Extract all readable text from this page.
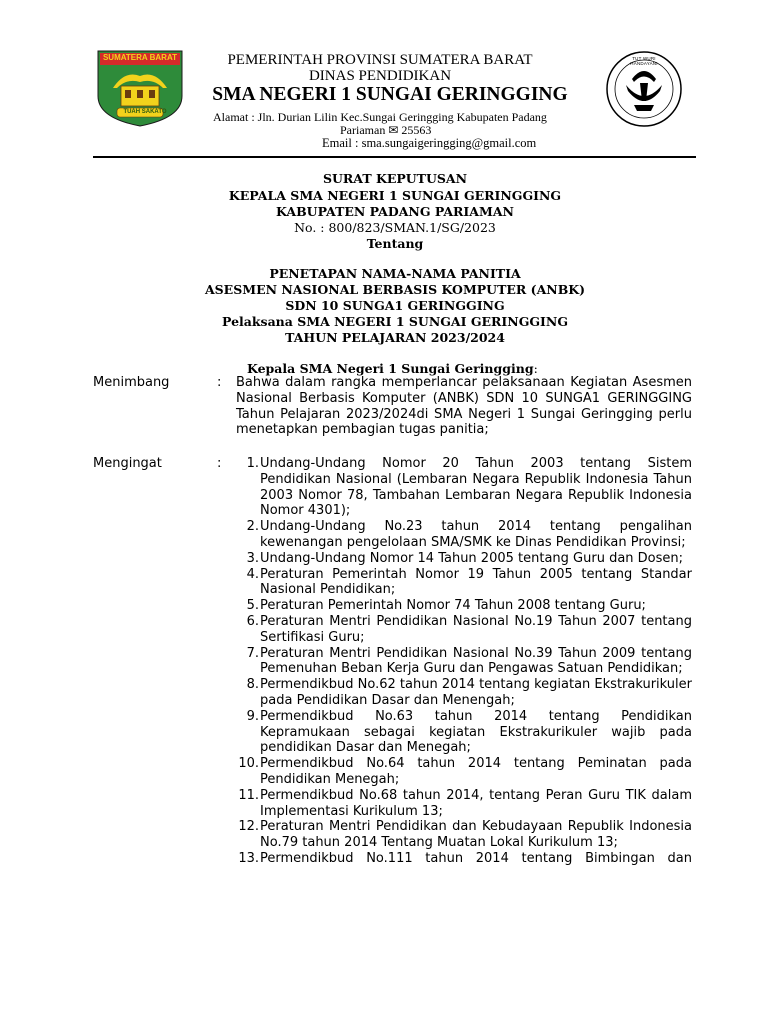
SUMATERA BARAT
TUAH SAKATO
TUT WURI HANDAYANI
PEMERINTAH PROVINSI SUMATERA BARAT
DINAS PENDIDIKAN
SMA NEGERI 1 SUNGAI GERINGGING
Alamat : Jln. Durian Lilin Kec.Sungai Geringging Kabupaten Padang
Pariaman ✉ 25563
Email : sma.sungaigeringging@gmail.com
SURAT KEPUTUSAN
KEPALA SMA NEGERI 1 SUNGAI GERINGGING
KABUPATEN PADANG PARIAMAN
No. : 800/823/SMAN.1/SG/2023
Tentang
PENETAPAN NAMA-NAMA PANITIA
ASESMEN NASIONAL BERBASIS KOMPUTER (ANBK)
SDN 10 SUNGA1 GERINGGING
Pelaksana SMA NEGERI 1 SUNGAI GERINGGING
TAHUN PELAJARAN 2023/2024
Kepala SMA Negeri 1 Sungai Geringging:
Menimbang	: Bahwa dalam rangka memperlancar pelaksanaan Kegiatan Asesmen Nasional Berbasis Komputer (ANBK) SDN 10 SUNGA1 GERINGGING Tahun Pelajaran 2023/2024di SMA Negeri 1 Sungai Geringging perlu menetapkan pembagian tugas panitia;

Mengingat	:	1. Undang-Undang Nomor 20 Tahun 2003 tentang Sistem Pendidikan Nasional (Lembaran Negara Republik Indonesia Tahun 2003 Nomor 78, Tambahan Lembaran Negara Republik Indonesia Nomor 4301);
2. Undang-Undang No.23 tahun 2014 tentang pengalihan kewenangan pengelolaan SMA/SMK ke Dinas Pendidikan Provinsi;
3. Undang-Undang Nomor 14 Tahun 2005 tentang Guru dan Dosen;
4. Peraturan Pemerintah Nomor 19 Tahun 2005 tentang Standar Nasional Pendidikan;
5. Peraturan Pemerintah Nomor 74 Tahun 2008 tentang Guru;
6. Peraturan Mentri Pendidikan Nasional No.19 Tahun 2007 tentang Sertifikasi Guru;
7. Peraturan Mentri Pendidikan Nasional No.39 Tahun 2009 tentang Pemenuhan Beban Kerja Guru dan Pengawas Satuan Pendidikan;
8. Permendikbud No.62 tahun 2014 tentang kegiatan Ekstrakurikuler pada Pendidikan Dasar dan Menengah;
9. Permendikbud No.63 tahun 2014 tentang Pendidikan Kepramukaan sebagai kegiatan Ekstrakurikuler wajib pada pendidikan Dasar dan Menegah;
10. Permendikbud No.64 tahun 2014 tentang Peminatan pada Pendidikan Menegah;
11. Permendikbud No.68 tahun 2014, tentang Peran Guru TIK dalam Implementasi Kurikulum 13;
12. Peraturan Mentri Pendidikan dan Kebudayaan Republik Indonesia No.79 tahun 2014 Tentang Muatan Lokal Kurikulum 13;
13. Permendikbud No.111 tahun 2014 tentang Bimbingan dan
